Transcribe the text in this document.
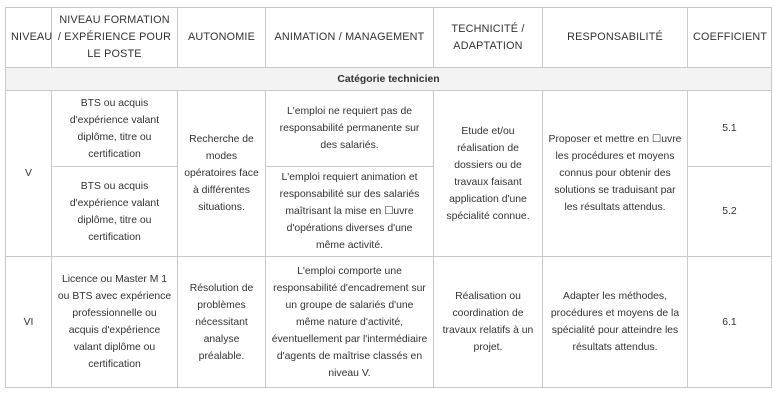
NIVEAU	NIVEAU FORMATION / EXPÉRIENCE POUR LE POSTE	AUTONOMIE	ANIMATION / MANAGEMENT	TECHNICITÉ / ADAPTATION	RESPONSABILITÉ	COEFFICIENT
Catégorie technicien						
V	BTS ou acquis d'expérience valant diplôme, titre ou certification	Recherche de modes opératoires face à différentes situations.	L'emploi ne requiert pas de responsabilité permanente sur des salariés.	Etude et/ou réalisation de dossiers ou de travaux faisant application d'une spécialité connue.	Proposer et mettre en ☐uvre les procédures et moyens connus pour obtenir des solutions se traduisant par les résultats attendus.	5.1
	BTS ou acquis d'expérience valant diplôme, titre ou certification		L'emploi requiert animation et responsabilité sur des salariés maîtrisant la mise en ☐uvre d'opérations diverses d'une même activité.			5.2
VI	Licence ou Master M 1 ou BTS avec expérience professionnelle ou acquis d'expérience valant diplôme ou certification	Résolution de problèmes nécessitant analyse préalable.	L'emploi comporte une responsabilité d'encadrement sur un groupe de salariés d'une même nature d'activité, éventuellement par l'intermédiaire d'agents de maîtrise classés en niveau V.	Réalisation ou coordination de travaux relatifs à un projet.	Adapter les méthodes, procédures et moyens de la spécialité pour atteindre les résultats attendus.	6.1
